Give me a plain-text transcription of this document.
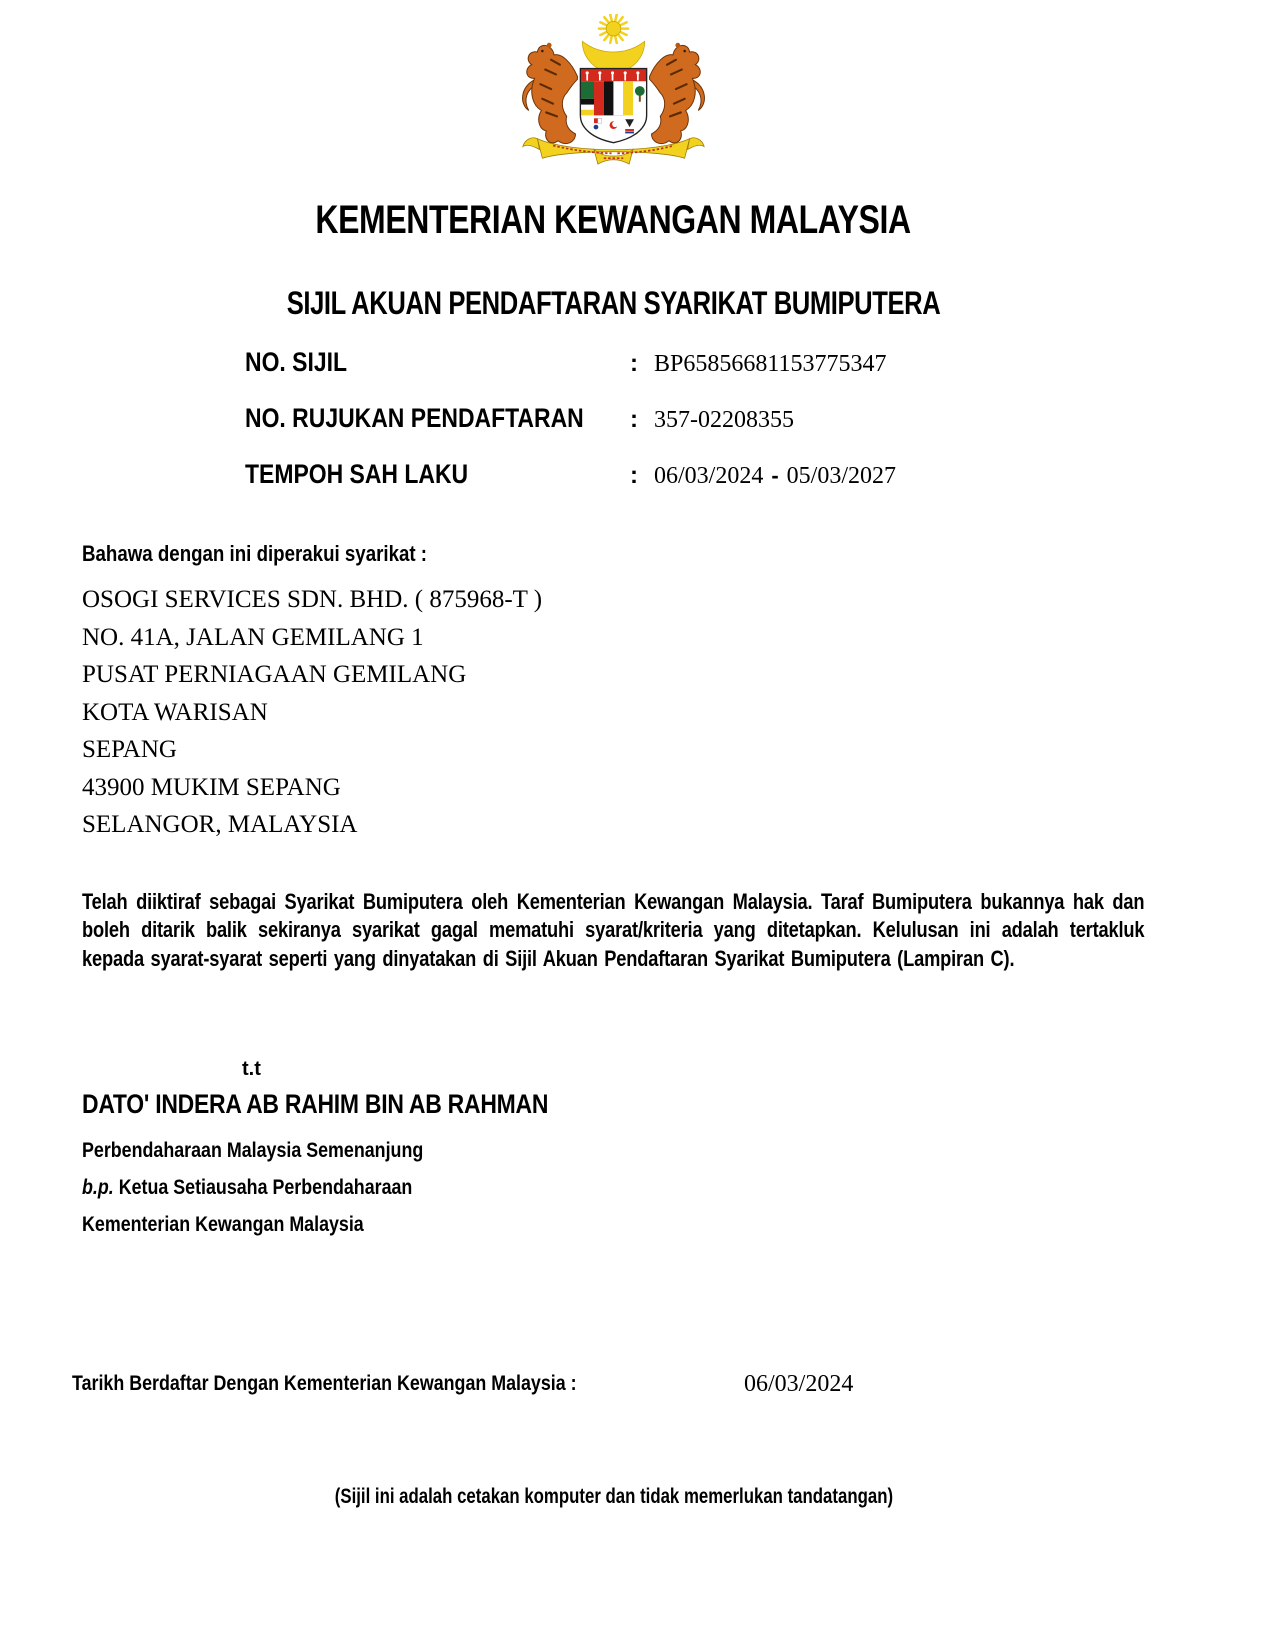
KEMENTERIAN KEWANGAN MALAYSIA
SIJIL AKUAN PENDAFTARAN SYARIKAT BUMIPUTERA
NO. SIJIL	: BP65856681153775347
NO. RUJUKAN PENDAFTARAN	: 357-02208355
TEMPOH SAH LAKU	: 06/03/2024 - 05/03/2027
Bahawa dengan ini diperakui syarikat :
OSOGI SERVICES SDN. BHD. ( 875968-T )
NO. 41A, JALAN GEMILANG 1
PUSAT PERNIAGAAN GEMILANG
KOTA WARISAN
SEPANG
43900 MUKIM SEPANG
SELANGOR, MALAYSIA
Telah diiktiraf sebagai Syarikat Bumiputera oleh Kementerian Kewangan Malaysia. Taraf Bumiputera bukannya hak dan boleh ditarik balik sekiranya syarikat gagal mematuhi syarat/kriteria yang ditetapkan. Kelulusan ini adalah tertakluk kepada syarat-syarat seperti yang dinyatakan di Sijil Akuan Pendaftaran Syarikat Bumiputera (Lampiran C).
t.t
DATO' INDERA AB RAHIM BIN AB RAHMAN
Perbendaharaan Malaysia Semenanjung
b.p. Ketua Setiausaha Perbendaharaan
Kementerian Kewangan Malaysia
Tarikh Berdaftar Dengan Kementerian Kewangan Malaysia :	06/03/2024
(Sijil ini adalah cetakan komputer dan tidak memerlukan tandatangan)
